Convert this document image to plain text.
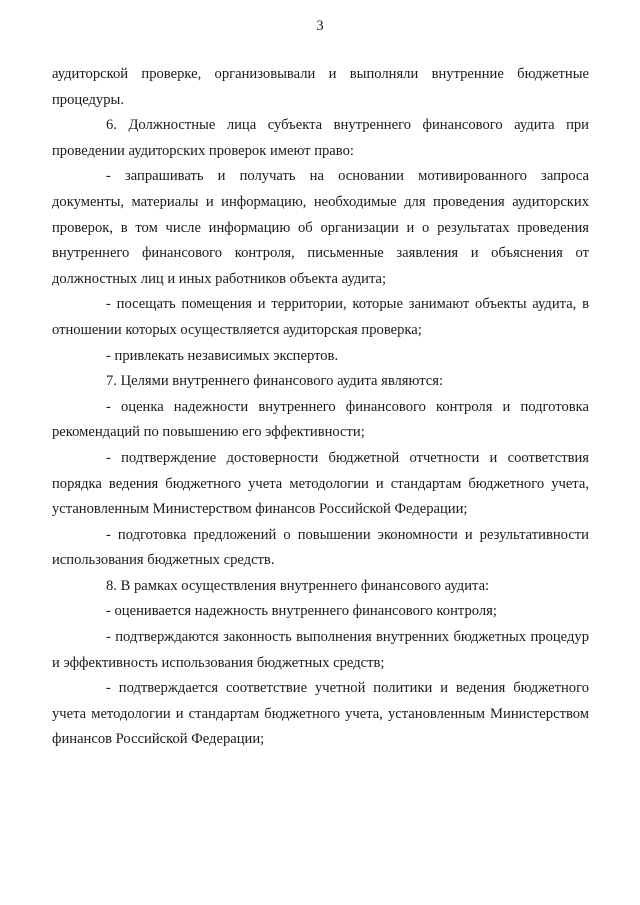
3

аудиторской проверке, организовывали и выполняли внутренние бюджетные процедуры.

6. Должностные лица субъекта внутреннего финансового аудита при проведении аудиторских проверок имеют право:

- запрашивать и получать на основании мотивированного запроса документы, материалы и информацию, необходимые для проведения аудиторских проверок, в том числе информацию об организации и о результатах проведения внутреннего финансового контроля, письменные заявления и объяснения от должностных лиц и иных работников объекта аудита;

- посещать помещения и территории, которые занимают объекты аудита, в отношении которых осуществляется аудиторская проверка;

- привлекать независимых экспертов.

7. Целями внутреннего финансового аудита являются:

- оценка надежности внутреннего финансового контроля и подготовка рекомендаций по повышению его эффективности;

- подтверждение достоверности бюджетной отчетности и соответствия порядка ведения бюджетного учета методологии и стандартам бюджетного учета, установленным Министерством финансов Российской Федерации;

- подготовка предложений о повышении экономности и результативности использования бюджетных средств.

8. В рамках осуществления внутреннего финансового аудита:

- оценивается надежность внутреннего финансового контроля;

- подтверждаются законность выполнения внутренних бюджетных процедур и эффективность использования бюджетных средств;

- подтверждается соответствие учетной политики и ведения бюджетного учета методологии и стандартам бюджетного учета, установленным Министерством финансов Российской Федерации;
